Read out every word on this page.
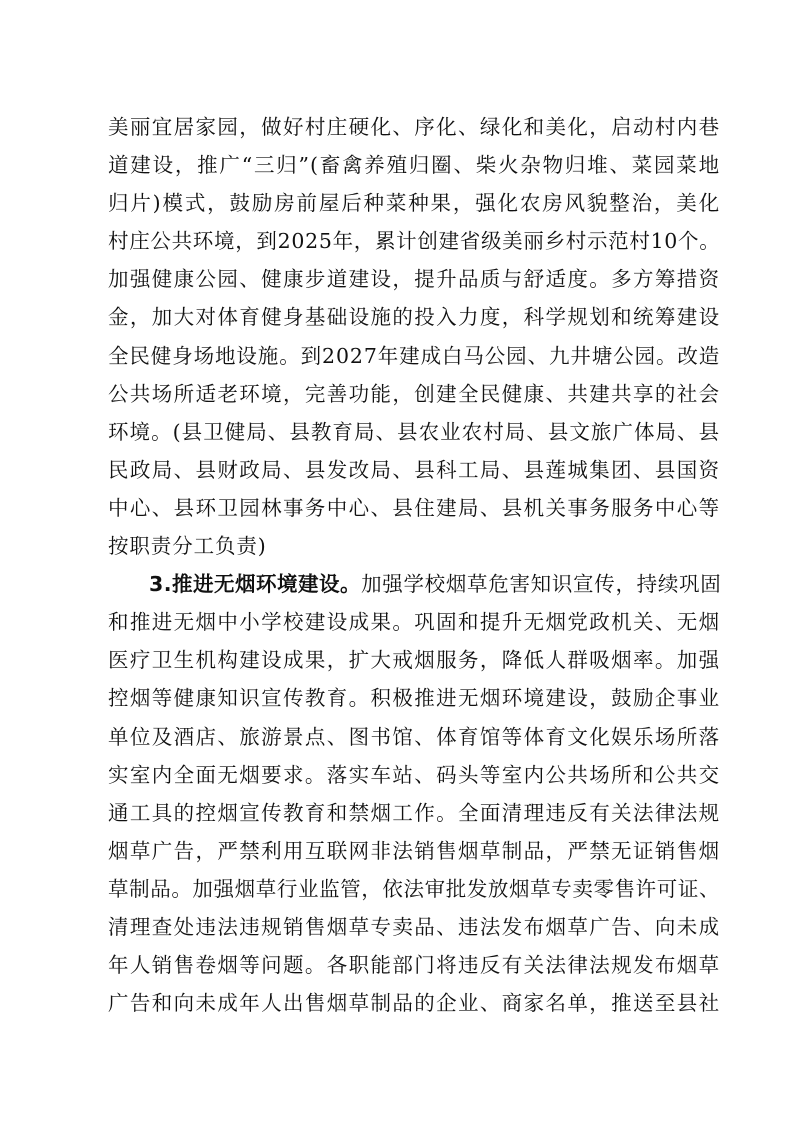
美丽宜居家园，做好村庄硬化、序化、绿化和美化，启动村内巷
道建设，推广“三归”(畜禽养殖归圈、柴火杂物归堆、菜园菜地
归片)模式，鼓励房前屋后种菜种果，强化农房风貌整治，美化
村庄公共环境，到2025年，累计创建省级美丽乡村示范村10个。
加强健康公园、健康步道建设，提升品质与舒适度。多方筹措资
金，加大对体育健身基础设施的投入力度，科学规划和统筹建设
全民健身场地设施。到2027年建成白马公园、九井塘公园。改造
公共场所适老环境，完善功能，创建全民健康、共建共享的社会
环境。(县卫健局、县教育局、县农业农村局、县文旅广体局、县
民政局、县财政局、县发改局、县科工局、县莲城集团、县国资
中心、县环卫园林事务中心、县住建局、县机关事务服务中心等
按职责分工负责)
3.推进无烟环境建设。加强学校烟草危害知识宣传，持续巩固
和推进无烟中小学校建设成果。巩固和提升无烟党政机关、无烟
医疗卫生机构建设成果，扩大戒烟服务，降低人群吸烟率。加强
控烟等健康知识宣传教育。积极推进无烟环境建设，鼓励企事业
单位及酒店、旅游景点、图书馆、体育馆等体育文化娱乐场所落
实室内全面无烟要求。落实车站、码头等室内公共场所和公共交
通工具的控烟宣传教育和禁烟工作。全面清理违反有关法律法规
烟草广告，严禁利用互联网非法销售烟草制品，严禁无证销售烟
草制品。加强烟草行业监管，依法审批发放烟草专卖零售许可证、
清理查处违法违规销售烟草专卖品、违法发布烟草广告、向未成
年人销售卷烟等问题。各职能部门将违反有关法律法规发布烟草
广告和向未成年人出售烟草制品的企业、商家名单，推送至县社
